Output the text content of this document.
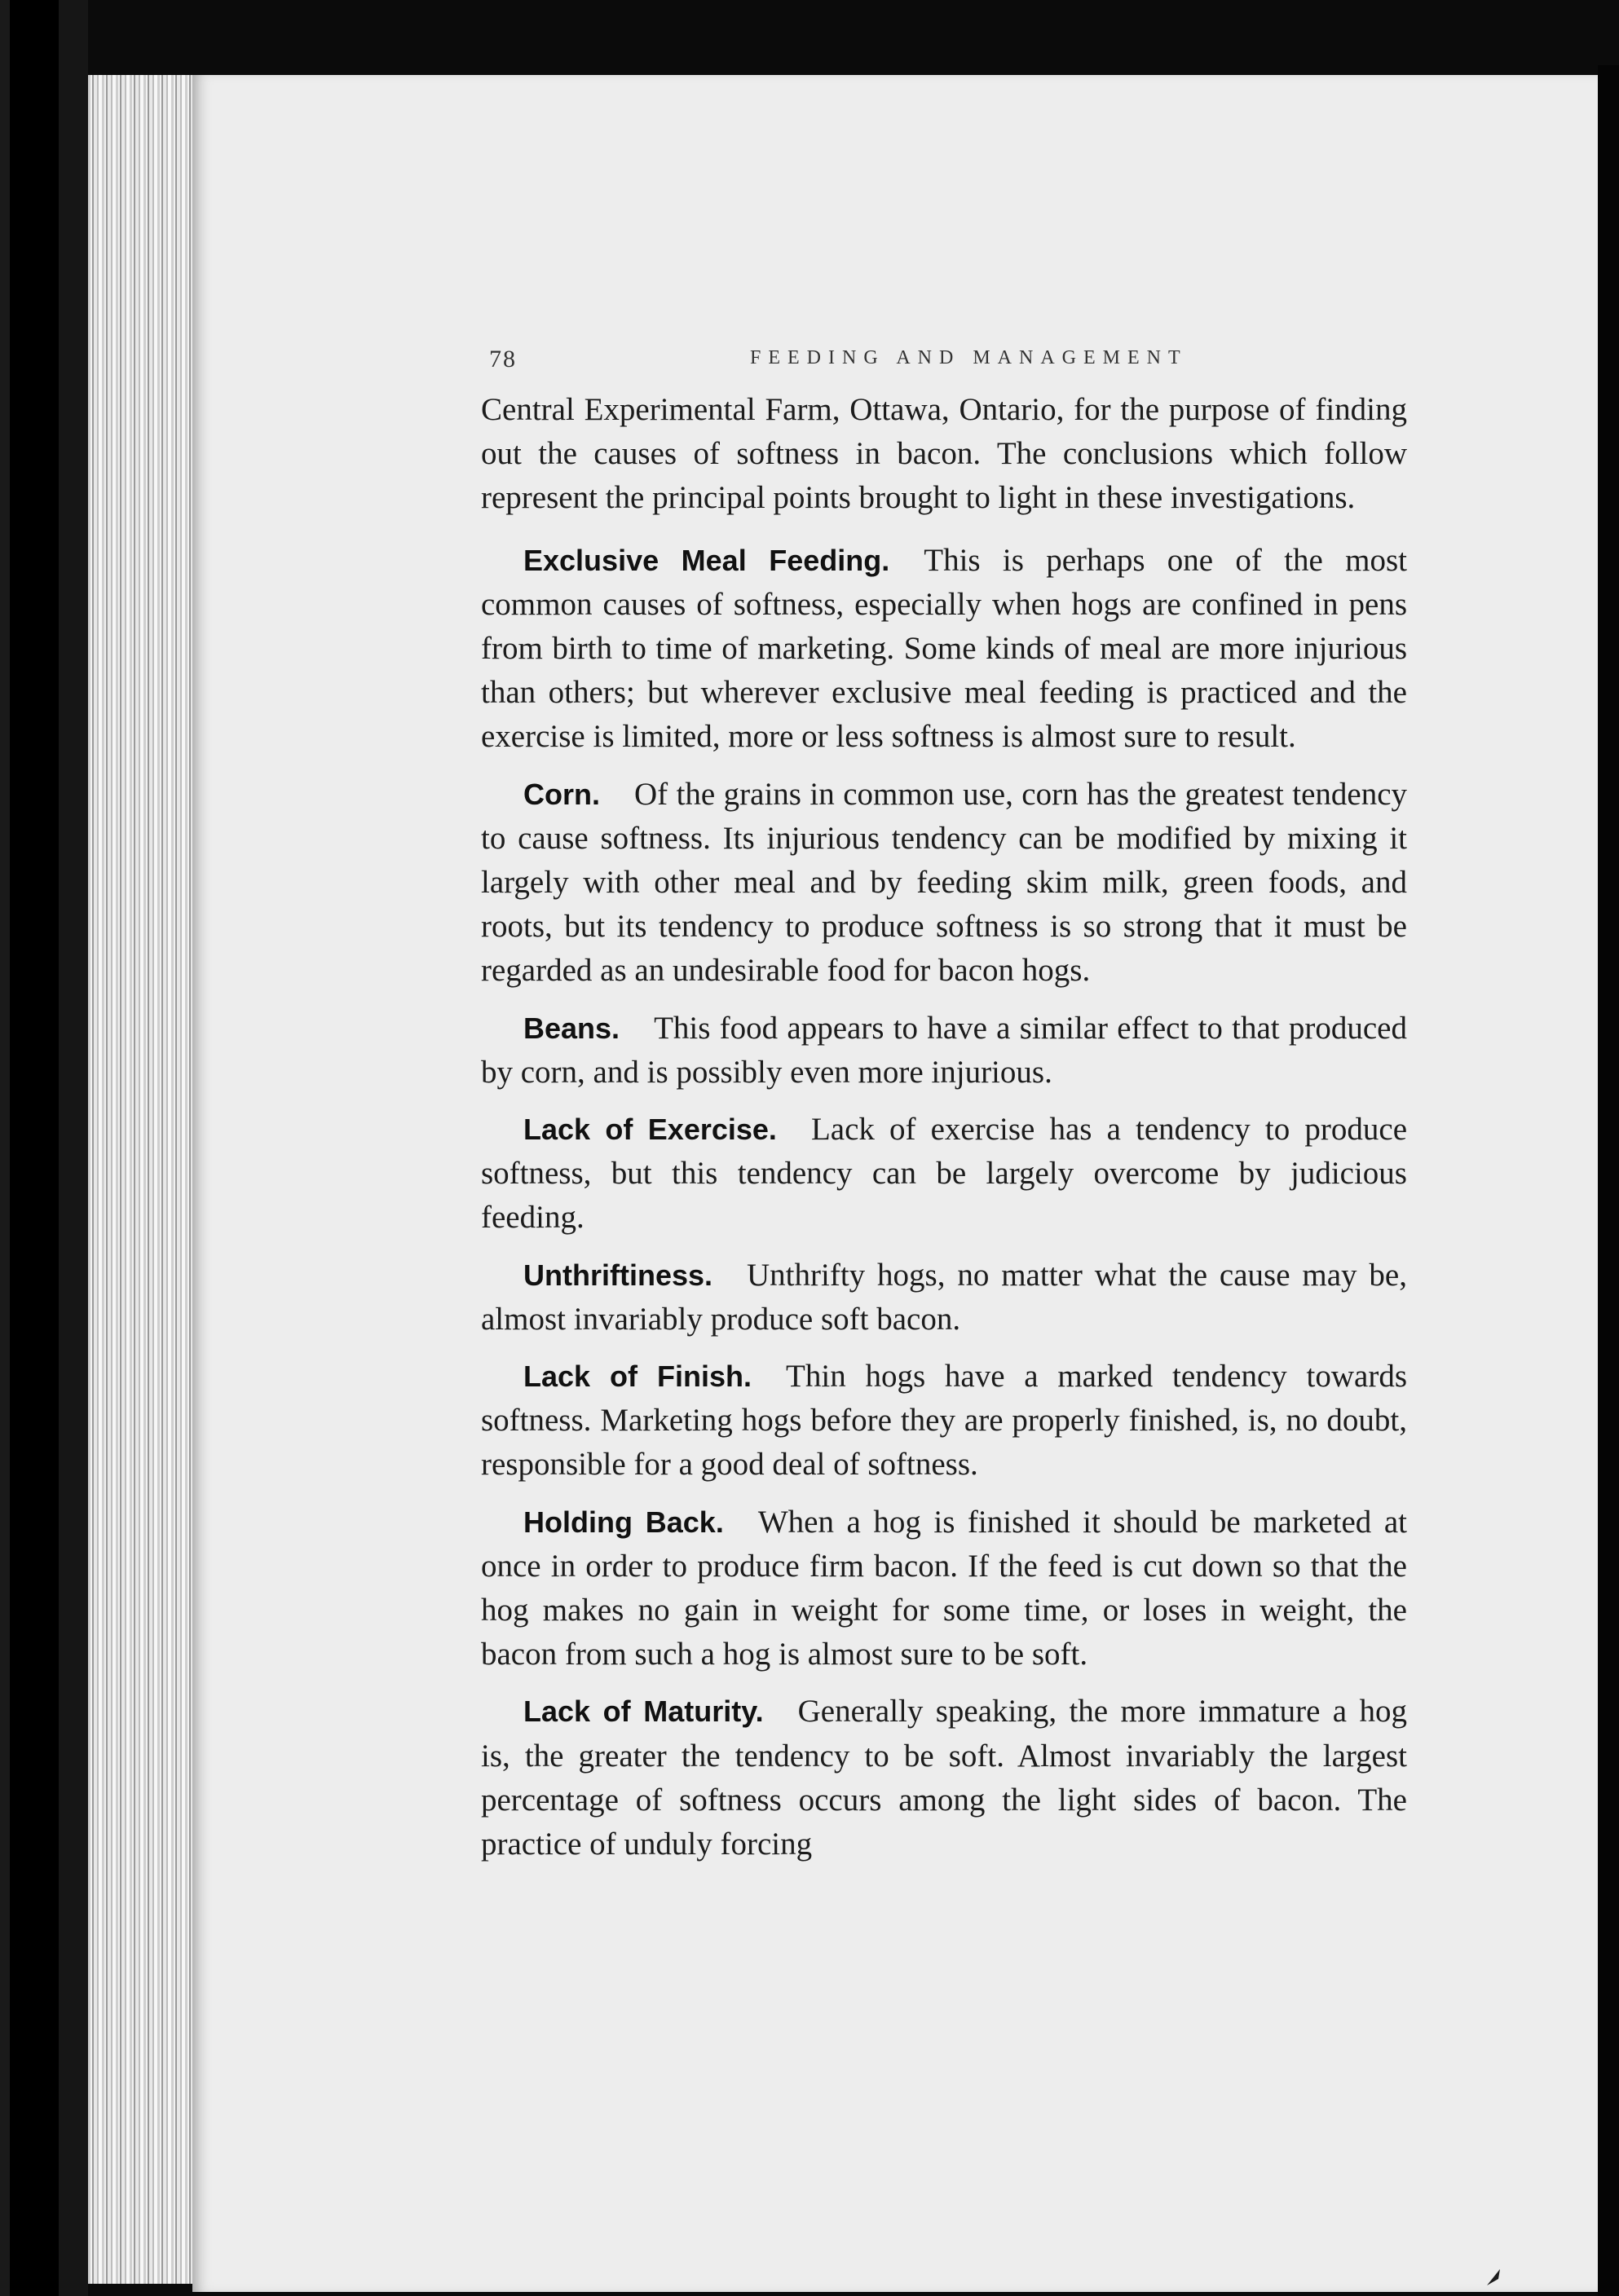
78	FEEDING AND MANAGEMENT

Central Experimental Farm, Ottawa, Ontario, for the purpose of finding out the causes of softness in bacon. The conclusions which follow represent the principal points brought to light in these investigations.

Exclusive Meal Feeding. This is perhaps one of the most common causes of softness, especially when hogs are confined in pens from birth to time of marketing. Some kinds of meal are more injurious than others; but wherever exclusive meal feeding is practiced and the exercise is limited, more or less softness is almost sure to result.

Corn. Of the grains in common use, corn has the greatest tendency to cause softness. Its injurious tendency can be modified by mixing it largely with other meal and by feeding skim milk, green foods, and roots, but its tendency to produce softness is so strong that it must be regarded as an undesirable food for bacon hogs.

Beans. This food appears to have a similar effect to that produced by corn, and is possibly even more injurious.

Lack of Exercise. Lack of exercise has a tendency to produce softness, but this tendency can be largely overcome by judicious feeding.

Unthriftiness. Unthrifty hogs, no matter what the cause may be, almost invariably produce soft bacon.

Lack of Finish. Thin hogs have a marked tendency towards softness. Marketing hogs before they are properly finished, is, no doubt, responsible for a good deal of softness.

Holding Back. When a hog is finished it should be marketed at once in order to produce firm bacon. If the feed is cut down so that the hog makes no gain in weight for some time, or loses in weight, the bacon from such a hog is almost sure to be soft.

Lack of Maturity. Generally speaking, the more immature a hog is, the greater the tendency to be soft. Almost invariably the largest percentage of softness occurs among the light sides of bacon. The practice of unduly forcing
